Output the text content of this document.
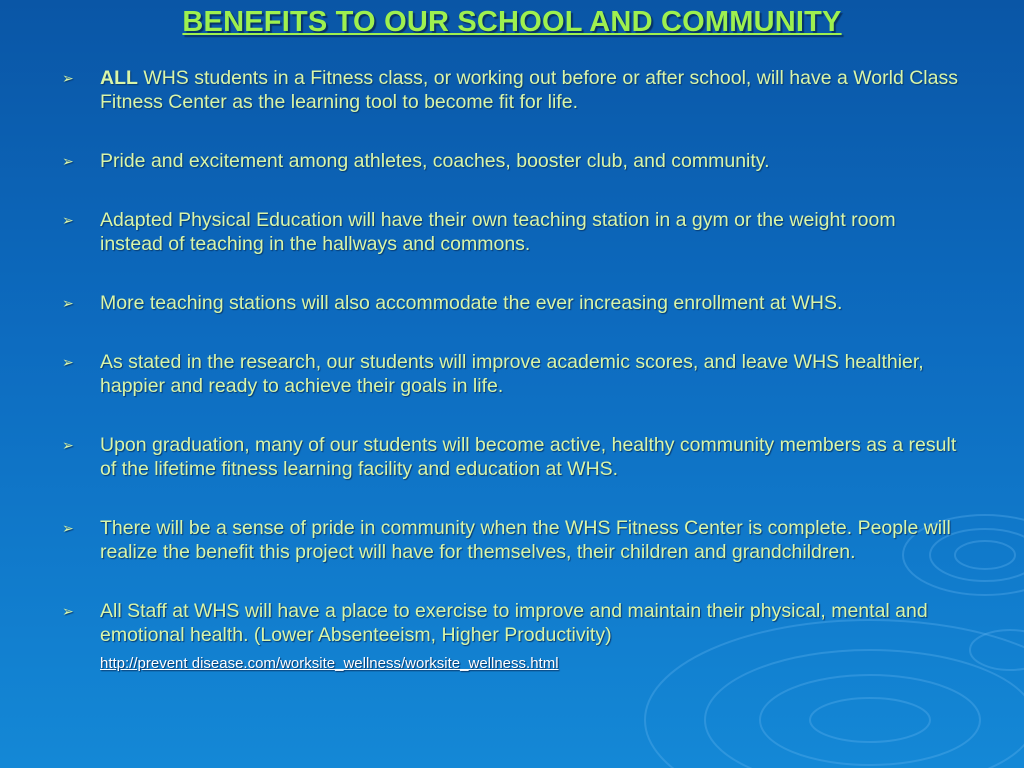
BENEFITS TO OUR SCHOOL AND COMMUNITY
➢ ALL WHS students in a Fitness class, or working out before or after school, will have a World Class Fitness Center as the learning tool to become fit for life.
➢ Pride and excitement among athletes, coaches, booster club, and community.
➢ Adapted Physical Education will have their own teaching station in a gym or the weight room instead of teaching in the hallways and commons.
➢ More teaching stations will also accommodate the ever increasing enrollment at WHS.
➢ As stated in the research, our students will improve academic scores, and leave WHS healthier, happier and ready to achieve their goals in life.
➢ Upon graduation, many of our students will become active, healthy community members as a result of the lifetime fitness learning facility and education at WHS.
➢ There will be a sense of pride in community when the WHS Fitness Center is complete. People will realize the benefit this project will have for themselves, their children and grandchildren.
➢ All Staff at WHS will have a place to exercise to improve and maintain their physical, mental and emotional health. (Lower Absenteeism, Higher Productivity)
http://prevent disease.com/worksite_wellness/worksite_wellness.html
